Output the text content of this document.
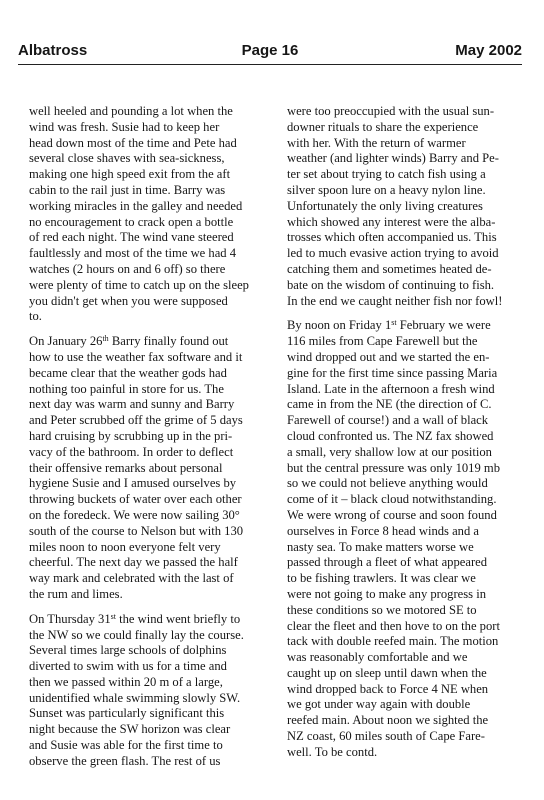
Albatross	Page 16	May 2002
well heeled and pounding a lot when the
wind was fresh. Susie had to keep her
head down most of the time and Pete had
several close shaves with sea-sickness,
making one high speed exit from the aft
cabin to the rail just in time. Barry was
working miracles in the galley and needed
no encouragement to crack open a bottle
of red each night. The wind vane steered
faultlessly and most of the time we had 4
watches (2 hours on and 6 off) so there
were plenty of time to catch up on the sleep
you didn't get when you were supposed
to.
On January 26th Barry finally found out
how to use the weather fax software and it
became clear that the weather gods had
nothing too painful in store for us. The
next day was warm and sunny and Barry
and Peter scrubbed off the grime of 5 days
hard cruising by scrubbing up in the pri-
vacy of the bathroom. In order to deflect
their offensive remarks about personal
hygiene Susie and I amused ourselves by
throwing buckets of water over each other
on the foredeck. We were now sailing 30°
south of the course to Nelson but with 130
miles noon to noon everyone felt very
cheerful. The next day we passed the half
way mark and celebrated with the last of
the rum and limes.
On Thursday 31st the wind went briefly to
the NW so we could finally lay the course.
Several times large schools of dolphins
diverted to swim with us for a time and
then we passed within 20 m of a large,
unidentified whale swimming slowly SW.
Sunset was particularly significant this
night because the SW horizon was clear
and Susie was able for the first time to
observe the green flash. The rest of us
were too preoccupied with the usual sun-
downer rituals to share the experience
with her. With the return of warmer
weather (and lighter winds) Barry and Pe-
ter set about trying to catch fish using a
silver spoon lure on a heavy nylon line.
Unfortunately the only living creatures
which showed any interest were the alba-
trosses which often accompanied us. This
led to much evasive action trying to avoid
catching them and sometimes heated de-
bate on the wisdom of continuing to fish.
In the end we caught neither fish nor fowl!
By noon on Friday 1st February we were
116 miles from Cape Farewell but the
wind dropped out and we started the en-
gine for the first time since passing Maria
Island. Late in the afternoon a fresh wind
came in from the NE (the direction of C.
Farewell of course!) and a wall of black
cloud confronted us. The NZ fax showed
a small, very shallow low at our position
but the central pressure was only 1019 mb
so we could not believe anything would
come of it – black cloud notwithstanding.
We were wrong of course and soon found
ourselves in Force 8 head winds and a
nasty sea. To make matters worse we
passed through a fleet of what appeared
to be fishing trawlers. It was clear we
were not going to make any progress in
these conditions so we motored SE to
clear the fleet and then hove to on the port
tack with double reefed main. The motion
was reasonably comfortable and we
caught up on sleep until dawn when the
wind dropped back to Force 4 NE when
we got under way again with double
reefed main. About noon we sighted the
NZ coast, 60 miles south of Cape Fare-
well. To be contd.
